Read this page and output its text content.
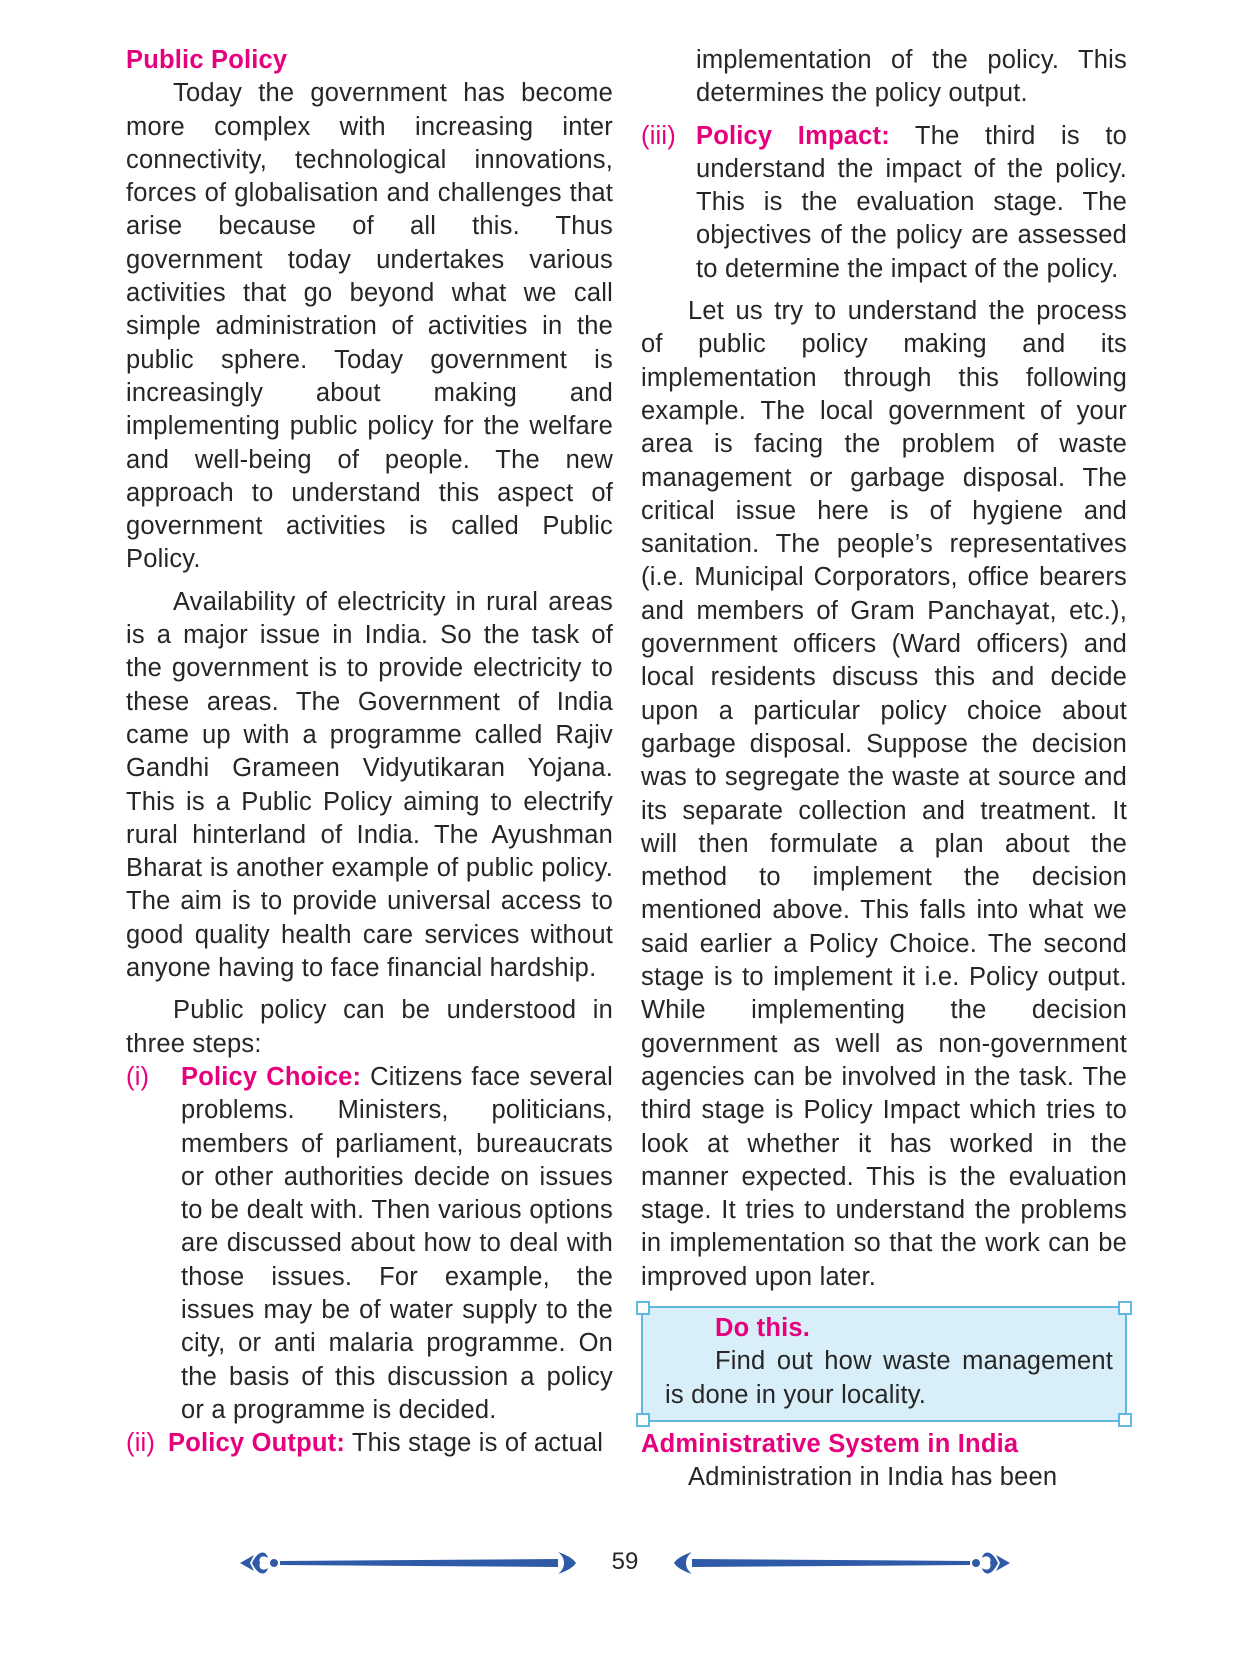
Public Policy

Today the government has become more complex with increasing inter connectivity, technological innovations, forces of globalisation and challenges that arise because of all this. Thus government today undertakes various activities that go beyond what we call simple administration of activities in the public sphere. Today government is increasingly about making and implementing public policy for the welfare and well-being of people. The new approach to understand this aspect of government activities is called Public Policy.

Availability of electricity in rural areas is a major issue in India. So the task of the government is to provide electricity to these areas. The Government of India came up with a programme called Rajiv Gandhi Grameen Vidyutikaran Yojana. This is a Public Policy aiming to electrify rural hinterland of India. The Ayushman Bharat is another example of public policy. The aim is to provide universal access to good quality health care services without anyone having to face financial hardship.

Public policy can be understood in three steps:

(i) Policy Choice: Citizens face several problems. Ministers, politicians, members of parliament, bureaucrats or other authorities decide on issues to be dealt with. Then various options are discussed about how to deal with those issues. For example, the issues may be of water supply to the city, or anti malaria programme. On the basis of this discussion a policy or a programme is decided.
(ii) Policy Output: This stage is of actual
implementation of the policy. This determines the policy output.
(iii) Policy Impact: The third is to understand the impact of the policy. This is the evaluation stage. The objectives of the policy are assessed to determine the impact of the policy.

Let us try to understand the process of public policy making and its implementation through this following example. The local government of your area is facing the problem of waste management or garbage disposal. The critical issue here is of hygiene and sanitation. The people’s representatives (i.e. Municipal Corporators, office bearers and members of Gram Panchayat, etc.), government officers (Ward officers) and local residents discuss this and decide upon a particular policy choice about garbage disposal. Suppose the decision was to segregate the waste at source and its separate collection and treatment. It will then formulate a plan about the method to implement the decision mentioned above. This falls into what we said earlier a Policy Choice. The second stage is to implement it i.e. Policy output. While implementing the decision government as well as non-government agencies can be involved in the task. The third stage is Policy Impact which tries to look at whether it has worked in the manner expected. This is the evaluation stage. It tries to understand the problems in implementation so that the work can be improved upon later.

Do this.
Find out how waste management is done in your locality.

Administrative System in India

Administration in India has been

59
